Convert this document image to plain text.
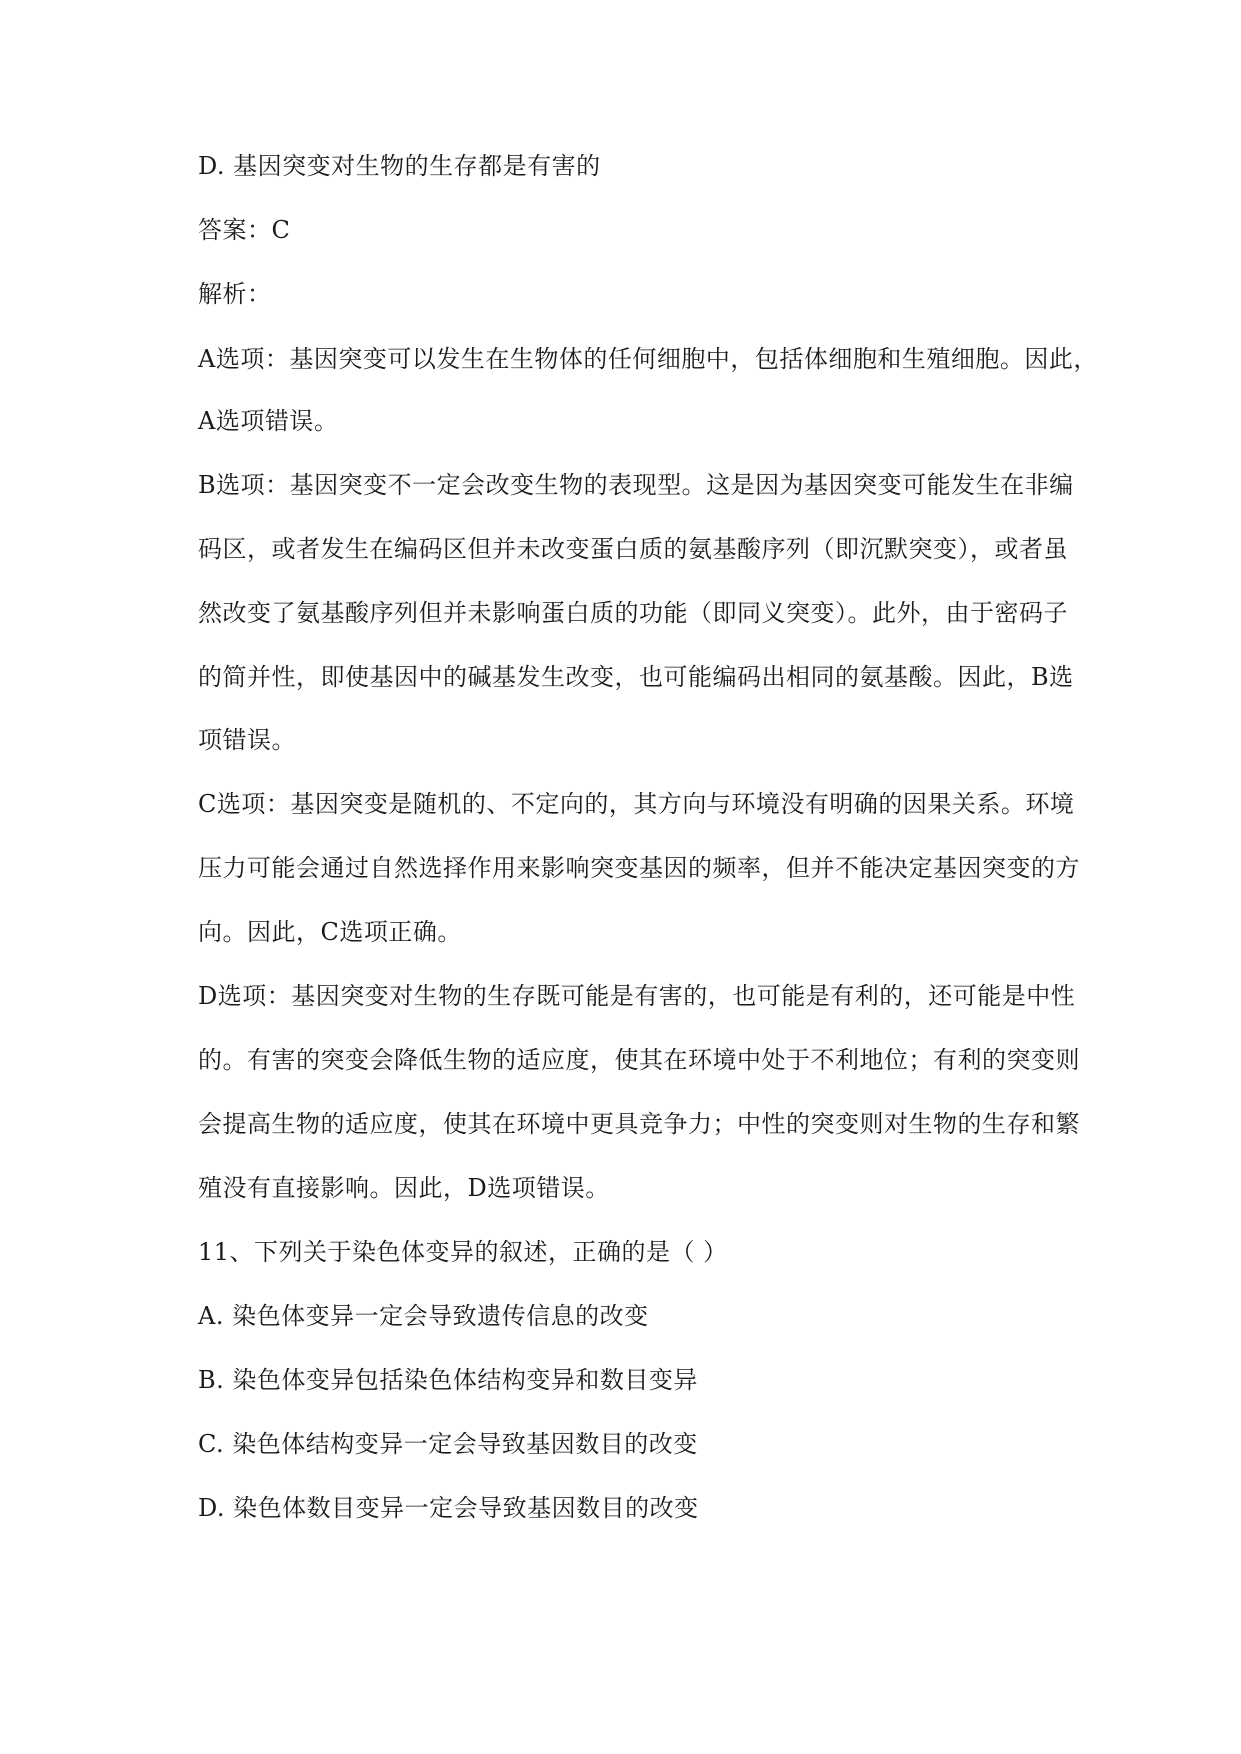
D. 基因突变对生物的生存都是有害的
答案：C
解析：
A选项：基因突变可以发生在生物体的任何细胞中，包括体细胞和生殖细胞。因此，
A选项错误。
B选项：基因突变不一定会改变生物的表现型。这是因为基因突变可能发生在非编
码区，或者发生在编码区但并未改变蛋白质的氨基酸序列（即沉默突变），或者虽
然改变了氨基酸序列但并未影响蛋白质的功能（即同义突变）。此外，由于密码子
的简并性，即使基因中的碱基发生改变，也可能编码出相同的氨基酸。因此，B选
项错误。
C选项：基因突变是随机的、不定向的，其方向与环境没有明确的因果关系。环境
压力可能会通过自然选择作用来影响突变基因的频率，但并不能决定基因突变的方
向。因此，C选项正确。
D选项：基因突变对生物的生存既可能是有害的，也可能是有利的，还可能是中性
的。有害的突变会降低生物的适应度，使其在环境中处于不利地位；有利的突变则
会提高生物的适应度，使其在环境中更具竞争力；中性的突变则对生物的生存和繁
殖没有直接影响。因此，D选项错误。
11、下列关于染色体变异的叙述，正确的是（ ）
A. 染色体变异一定会导致遗传信息的改变
B. 染色体变异包括染色体结构变异和数目变异
C. 染色体结构变异一定会导致基因数目的改变
D. 染色体数目变异一定会导致基因数目的改变
